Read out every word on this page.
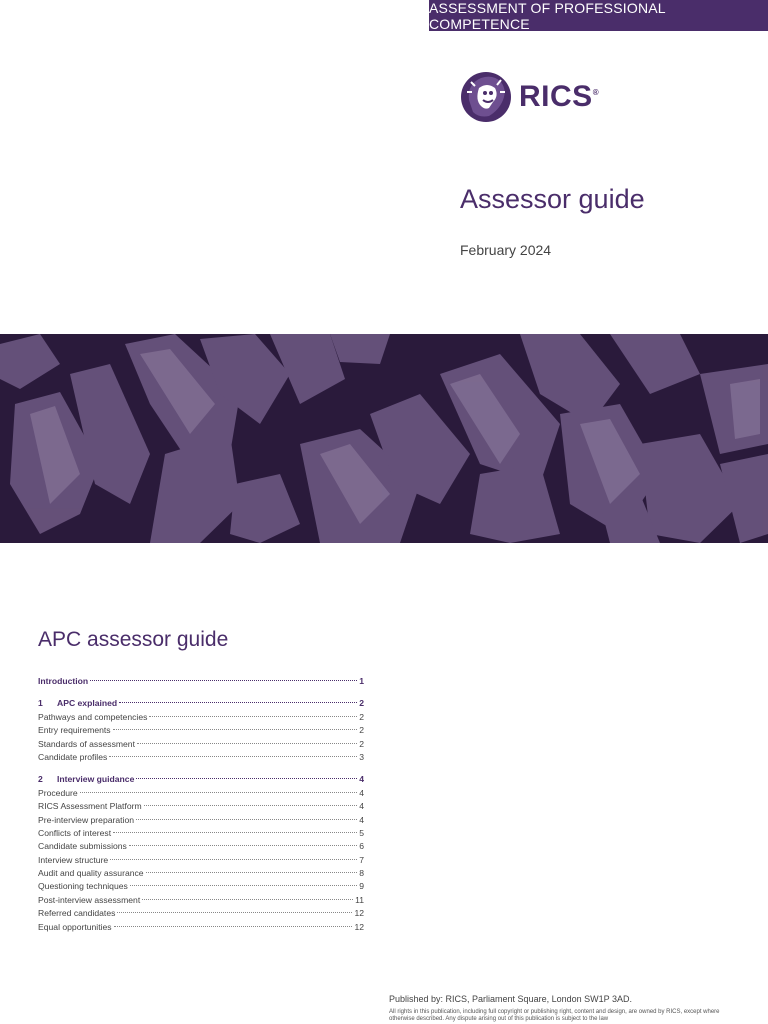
ASSESSMENT OF PROFESSIONAL COMPETENCE
RICS®
Assessor guide
February 2024
APC assessor guide
Introduction	1
1 APC explained	2
Pathways and competencies	2
Entry requirements	2
Standards of assessment	2
Candidate profiles	3
2 Interview guidance	4
Procedure	4
RICS Assessment Platform	4
Pre-interview preparation	4
Conflicts of interest	5
Candidate submissions	6
Interview structure	7
Audit and quality assurance	8
Questioning techniques	9
Post-interview assessment	11
Referred candidates	12
Equal opportunities	12
Published by: RICS, Parliament Square, London SW1P 3AD.
All rights in this publication, including full copyright or publishing right, content and design, are owned by RICS, except where otherwise described. Any dispute arising out of this publication is subject to the law
